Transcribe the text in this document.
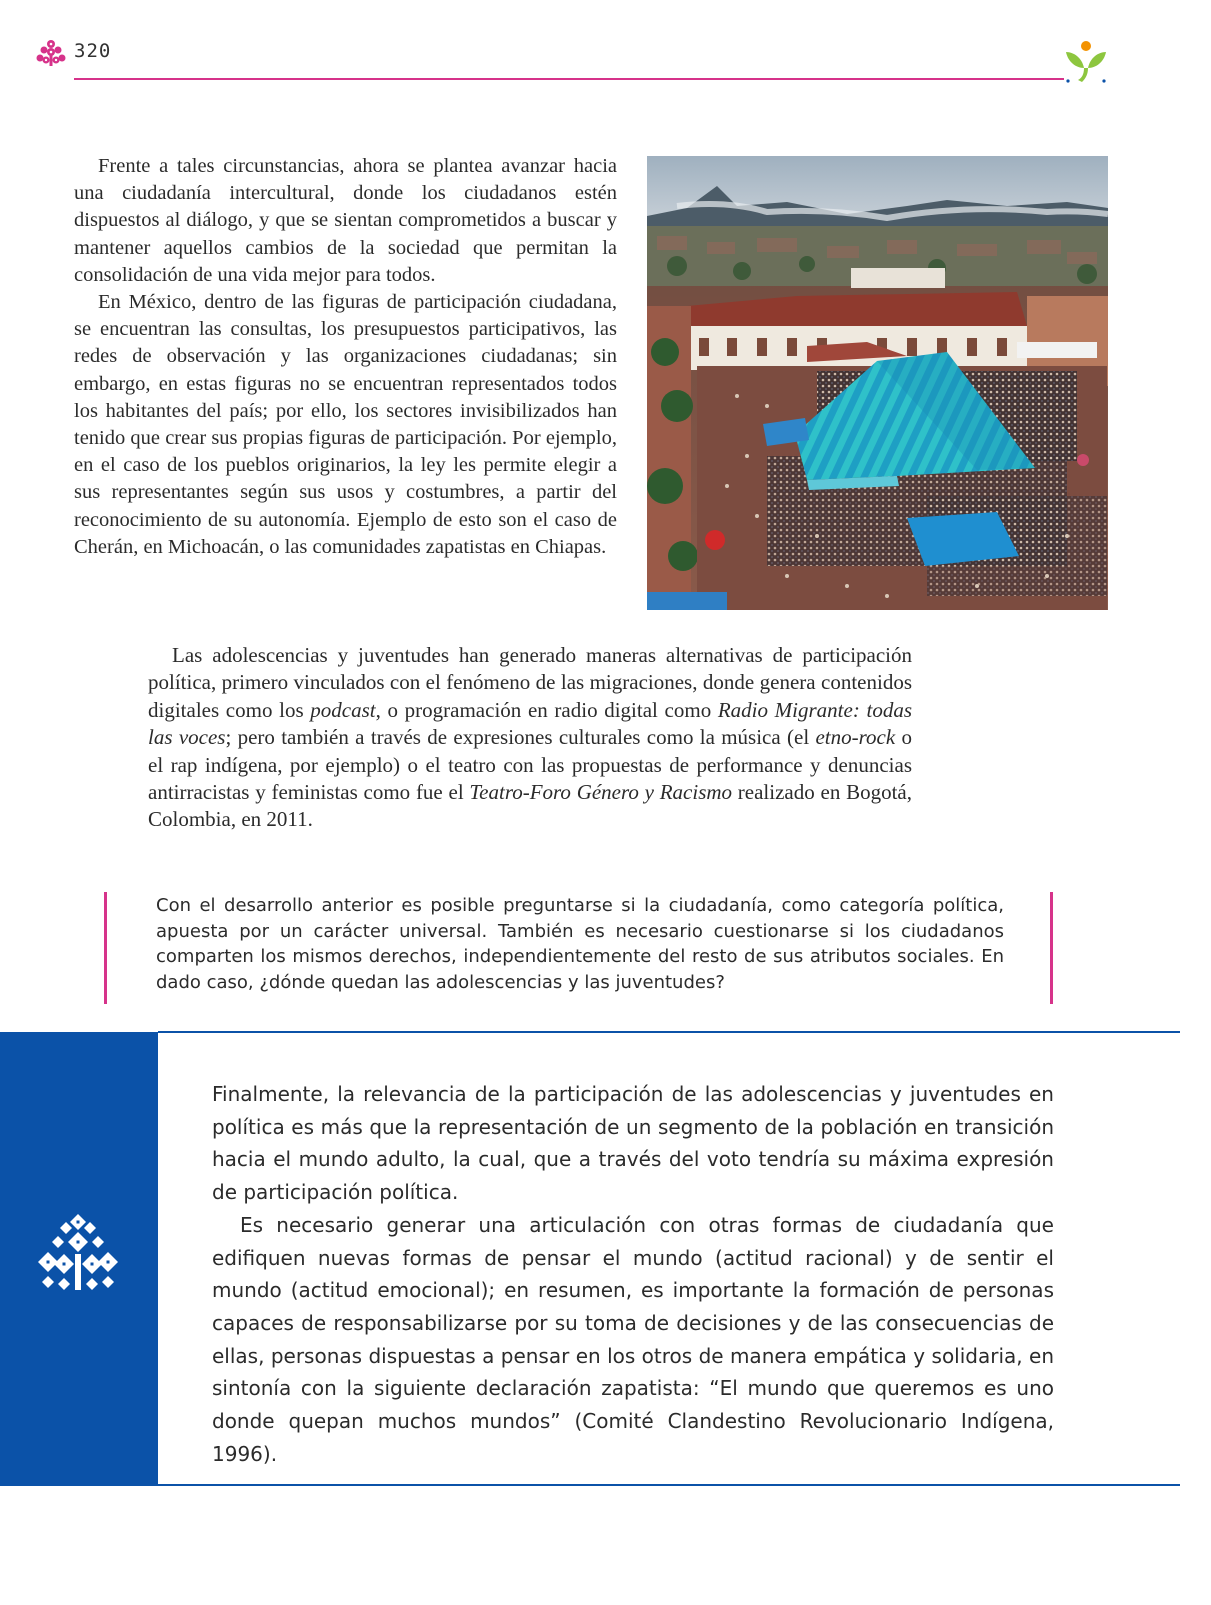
320

Frente a tales circunstancias, ahora se plantea avanzar hacia una ciudadanía intercultural, donde los ciudadanos estén dispuestos al diálogo, y que se sientan comprometidos a buscar y mantener aquellos cambios de la sociedad que permitan la consolidación de una vida mejor para todos.

En México, dentro de las figuras de participación ciudadana, se encuentran las consultas, los presupuestos participativos, las redes de observación y las organizaciones ciudadanas; sin embargo, en estas figuras no se encuentran representados todos los habitantes del país; por ello, los sectores invisibilizados han tenido que crear sus propias figuras de participación. Por ejemplo, en el caso de los pueblos originarios, la ley les permite elegir a sus representantes según sus usos y costumbres, a partir del reconocimiento de su autonomía. Ejemplo de esto son el caso de Cherán, en Michoacán, o las comunidades zapatistas en Chiapas.

Las adolescencias y juventudes han generado maneras alternativas de participación política, primero vinculados con el fenómeno de las migraciones, donde genera contenidos digitales como los podcast, o programación en radio digital como Radio Migrante: todas las voces; pero también a través de expresiones culturales como la música (el etno-rock o el rap indígena, por ejemplo) o el teatro con las propuestas de performance y denuncias antirracistas y feministas como fue el Teatro-Foro Género y Racismo realizado en Bogotá, Colombia, en 2011.

Con el desarrollo anterior es posible preguntarse si la ciudadanía, como categoría política, apuesta por un carácter universal. También es necesario cuestionarse si los ciudadanos comparten los mismos derechos, independientemente del resto de sus atributos sociales. En dado caso, ¿dónde quedan las adolescencias y las juventudes?

Finalmente, la relevancia de la participación de las adolescencias y juventudes en política es más que la representación de un segmento de la población en transición hacia el mundo adulto, la cual, que a través del voto tendría su máxima expresión de participación política.

Es necesario generar una articulación con otras formas de ciudadanía que edifiquen nuevas formas de pensar el mundo (actitud racional) y de sentir el mundo (actitud emocional); en resumen, es importante la formación de personas capaces de responsabilizarse por su toma de decisiones y de las consecuencias de ellas, personas dispuestas a pensar en los otros de manera empática y solidaria, en sintonía con la siguiente declaración zapatista: “El mundo que queremos es uno donde quepan muchos mundos” (Comité Clandestino Revolucionario Indígena, 1996).
